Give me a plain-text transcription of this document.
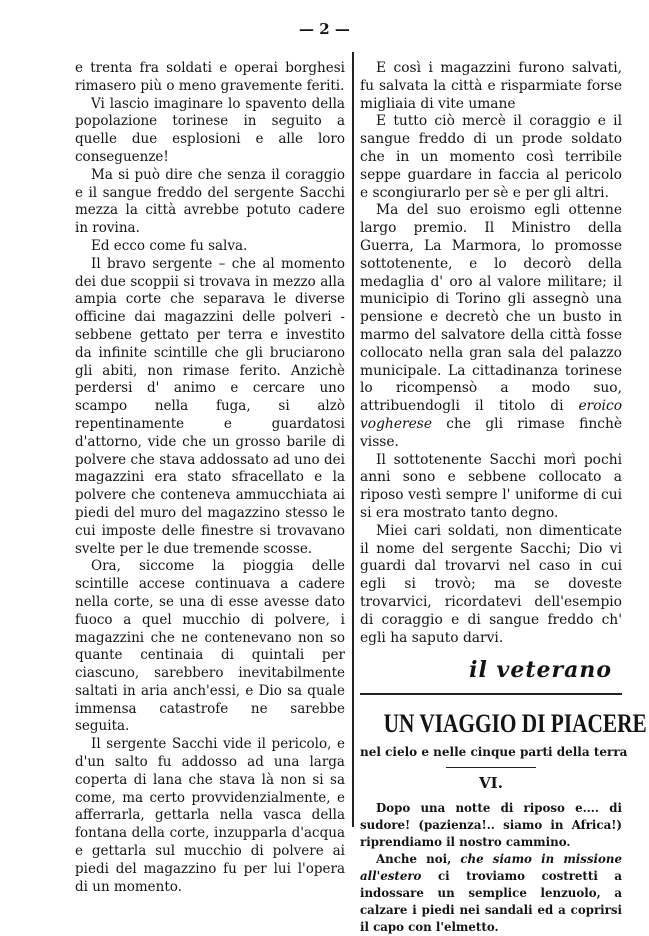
— 2 —

e trenta fra soldati e operai borghesi rimasero più o meno gravemente feriti.

Vi lascio imaginare lo spavento della popolazione torinese in seguito a quelle due esplosioni e alle loro conseguenze!

Ma si può dire che senza il coraggio e il sangue freddo del sergente Sacchi mezza la città avrebbe potuto cadere in rovina.

Ed ecco come fu salva.

Il bravo sergente – che al momento dei due scoppii si trovava in mezzo alla ampia corte che separava le diverse officine dai magazzini delle polveri - sebbene gettato per terra e investito da infinite scintille che gli bruciarono gli abiti, non rimase ferito. Anzichè perdersi d' animo e cercare uno scampo nella fuga, si alzò repentinamente e guardatosi d'attorno, vide che un grosso barile di polvere che stava addossato ad uno dei magazzini era stato sfracellato e la polvere che conteneva ammucchiata ai piedi del muro del magazzino stesso le cui imposte delle finestre si trovavano svelte per le due tremende scosse.

Ora, siccome la pioggia delle scintille accese continuava a cadere nella corte, se una di esse avesse dato fuoco a quel mucchio di polvere, i magazzini che ne contenevano non so quante centinaia di quintali per ciascuno, sarebbero inevitabilmente saltati in aria anch'essi, e Dio sa quale immensa catastrofe ne sarebbe seguita.

Il sergente Sacchi vide il pericolo, e d'un salto fu addosso ad una larga coperta di lana che stava là non si sa come, ma certo provvidenzialmente, e afferrarla, gettarla nella vasca della fontana della corte, inzupparla d'acqua e gettarla sul mucchio di polvere ai piedi del magazzino fu per lui l'opera di un momento.

E così i magazzini furono salvati, fu salvata la città e risparmiate forse migliaia di vite umane

E tutto ciò mercè il coraggio e il sangue freddo di un prode soldato che in un momento così terribile seppe guardare in faccia al pericolo e scongiurarlo per sè e per gli altri.

Ma del suo eroismo egli ottenne largo premio. Il Ministro della Guerra, La Marmora, lo promosse sottotenente, e lo decorò della medaglia d' oro al valore militare; il municipio di Torino gli assegnò una pensione e decretò che un busto in marmo del salvatore della città fosse collocato nella gran sala del palazzo municipale. La cittadinanza torinese lo ricompensò a modo suo, attribuendogli il titolo di eroico vogherese che gli rimase finchè visse.

Il sottotenente Sacchi morì pochi anni sono e sebbene collocato a riposo vestì sempre l' uniforme di cui si era mostrato tanto degno.

Miei cari soldati, non dimenticate il nome del sergente Sacchi; Dio vi guardi dal trovarvi nel caso in cui egli si trovò; ma se doveste trovarvici, ricordatevi dell'esempio di coraggio e di sangue freddo ch' egli ha saputo darvi.

il veterano
UN VIAGGIO DI PIACERE
nel cielo e nelle cinque parti della terra
VI.

Dopo una notte di riposo e.... di sudore! (pazienza!.. siamo in Africa!) riprendiamo il nostro cammino.

Anche noi, che siamo in missione all'estero ci troviamo costretti a indossare un semplice lenzuolo, a calzare i piedi nei sandali ed a coprirsi il capo con l'elmetto.
